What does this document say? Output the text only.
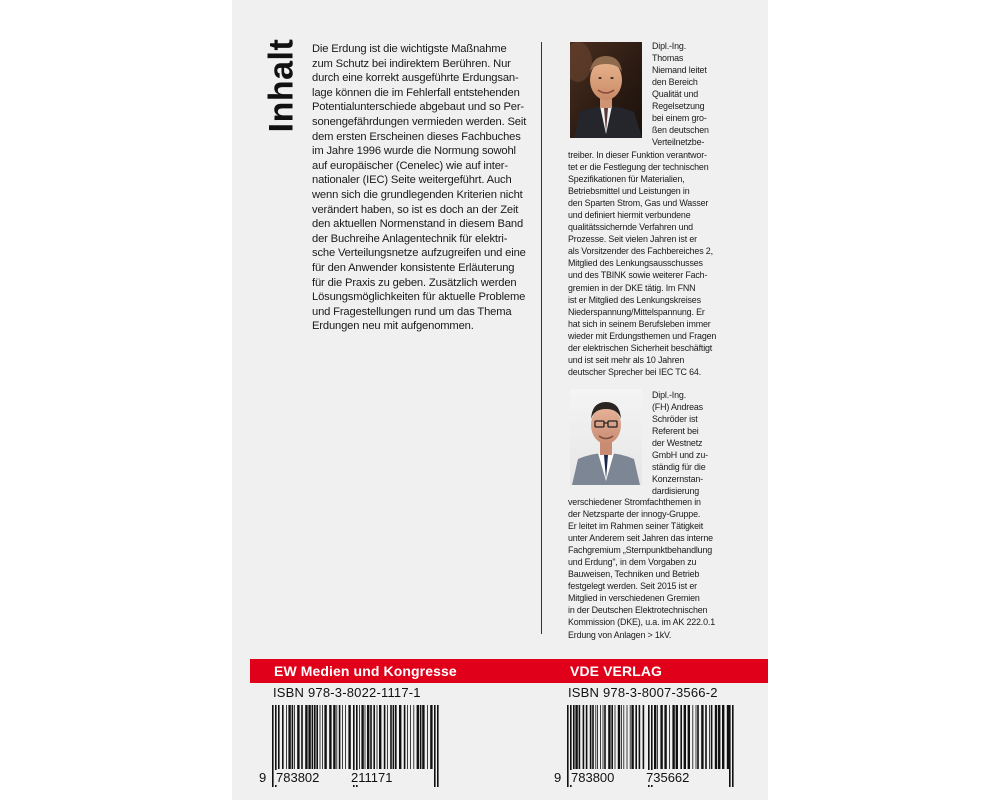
Inhalt Die Erdung ist die wichtigste Maßnahme

zum Schutz bei indirektem Berühren. Nur

durch eine korrekt ausgeführte Erdungsan-

lage können die im Fehlerfall entstehenden

Potentialunterschiede abgebaut und so Per-

sonengefährdungen vermieden werden. Seit

dem ersten Erscheinen dieses Fachbuches

im Jahre 1996 wurde die Normung sowohl

auf europäischer (Cenelec) wie auf inter-

nationaler (IEC) Seite weitergeführt. Auch

wenn sich die grundlegenden Kriterien nicht

verändert haben, so ist es doch an der Zeit

den aktuellen Normenstand in diesem Band

der Buchreihe Anlagentechnik für elektri-

sche Verteilungsnetze aufzugreifen und eine

für den Anwender konsistente Erläuterung

für die Praxis zu geben. Zusätzlich werden

Lösungsmöglichkeiten für aktuelle Probleme

und Fragestellungen rund um das Thema

Erdungen neu mit aufgenommen.

Dipl.-Ing.

Thomas

Niemand leitet

den Bereich

Qualität und

Regelsetzung

bei einem gro-

ßen deutschen

Verteilnetzbe-

treiber. In dieser Funktion verantwor-

tet er die Festlegung der technischen

Spezifikationen für Materialien,

Betriebsmittel und Leistungen in

den Sparten Strom, Gas und Wasser

und definiert hiermit verbundene

qualitätssichernde Verfahren und

Prozesse. Seit vielen Jahren ist er

als Vorsitzender des Fachbereiches 2,

Mitglied des Lenkungsausschusses

und des TBINK sowie weiterer Fach-

gremien in der DKE tätig. Im FNN

ist er Mitglied des Lenkungskreises

Niederspannung/Mittelspannung. Er

hat sich in seinem Berufsleben immer

wieder mit Erdungsthemen und Fragen

der elektrischen Sicherheit beschäftigt

und ist seit mehr als 10 Jahren

deutscher Sprecher bei IEC TC 64.

Dipl.-Ing.

(FH) Andreas

Schröder ist

Referent bei

der Westnetz

GmbH und zu-

ständig für die

Konzernstan-

dardisierung

verschiedener Stromfachthemen in

der Netzsparte der innogy-Gruppe.

Er leitet im Rahmen seiner Tätigkeit

unter Anderem seit Jahren das interne

Fachgremium „Sternpunktbehandlung

und Erdung", in dem Vorgaben zu

Bauweisen, Techniken und Betrieb

festgelegt werden. Seit 2015 ist er

Mitglied in verschiedenen Gremien

in der Deutschen Elektrotechnischen

Kommission (DKE), u.a. im AK 222.0.1

Erdung von Anlagen > 1kV.

EW Medien und Kongresse	VDE VERLAG
ISBN 978-3-8022-1117-1	ISBN 978-3-8007-3566-2
9 783802 211171	9 783800 735662
